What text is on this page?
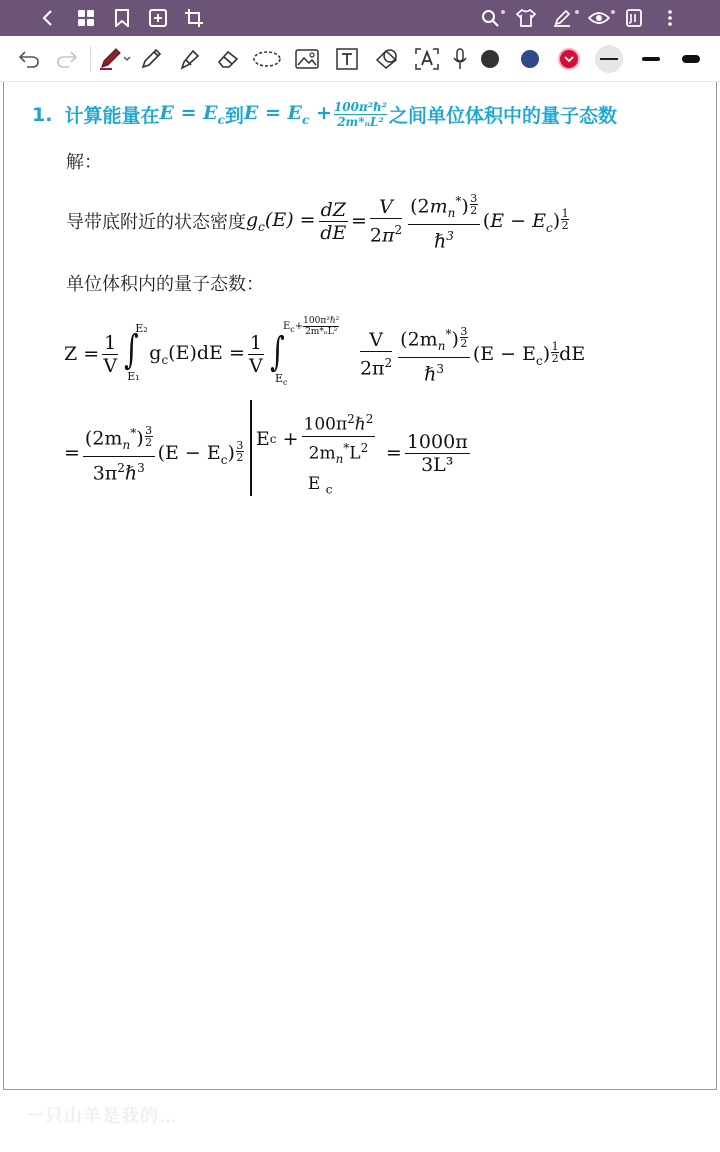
1. 计算能量在 $E = E_c$ 到 $E = E_c + \frac{\text{100π²ℏ²}}{\text{2m*ₙL²}}$ 之间单位体积中的量子态数
解：
导带底附近的状态密度 $g_c(E) = \frac{dZ}{dE} = \frac{V}{2\pi^2} \frac{(2m_n^*) \frac{3}{2}}{\hbar^3} (E - E_c) \frac{1}{2}$
单位体积内的量子态数：
$Z = \frac{1}{V}$ ∫
E₂
E₁
$g_c(E)dE = \frac{1}{V}$ ∫
$E_c+$ 100π²ℏ²
2m*ₙL²
$E_c$
$\frac{V}{2\pi^2} \frac{(2m_n^*) \frac{3}{2}}{\hbar^3} (E - E_c) \frac{1}{2}$ dE
= $\frac{(2m_n^*) \frac{3}{2}}{3\pi^2\hbar^3} (E - E_c) \frac{3}{2}$
E $c + \frac{100\pi^2\hbar^2}{2m_n^*L^2}$
E $_c$
= $\frac{1000\pi}{\text{3L³}}$
一只山羊是我的…
